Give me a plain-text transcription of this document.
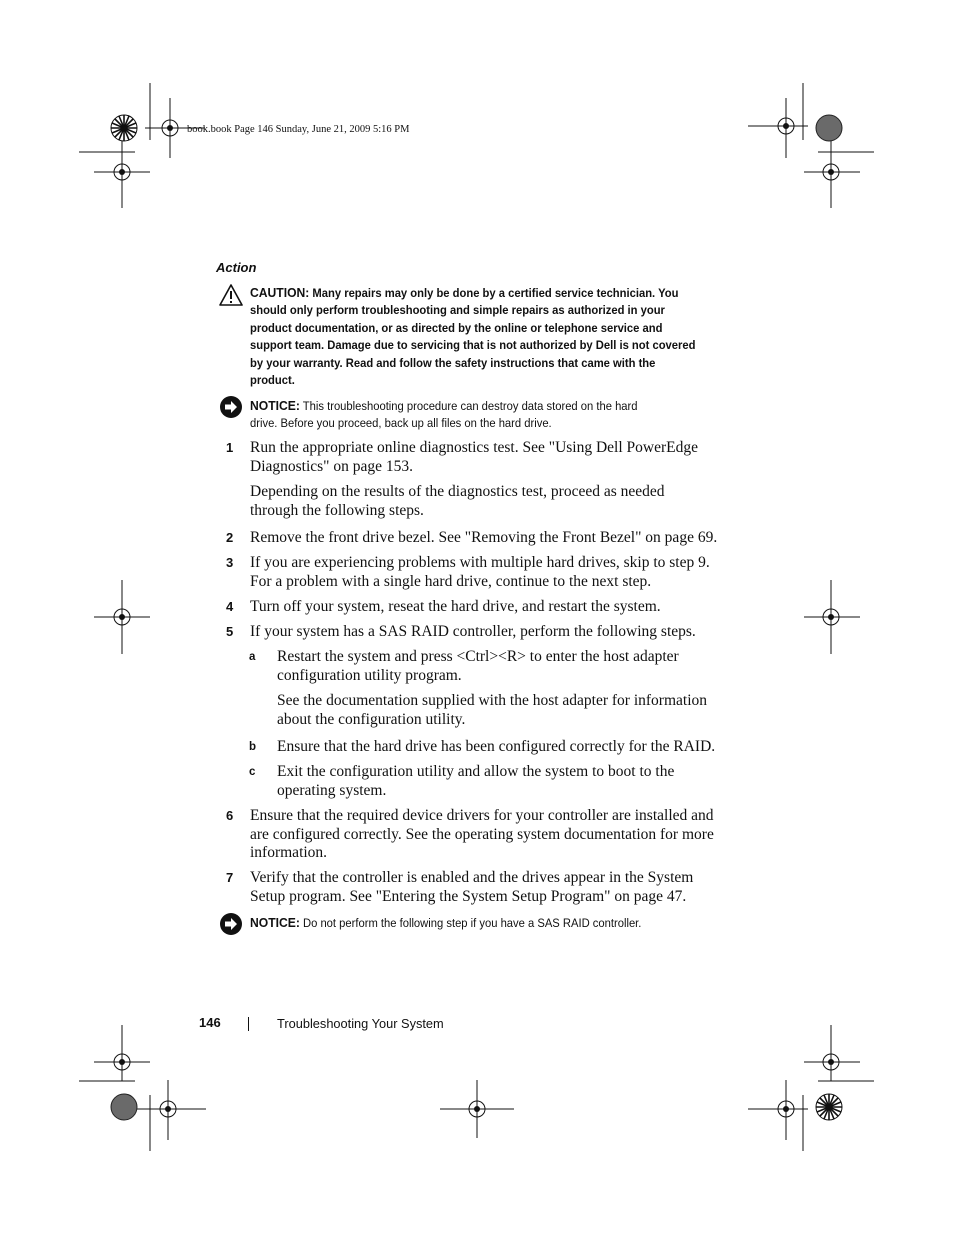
book.book Page 146 Sunday, June 21, 2009 5:16 PM
Action
CAUTION: Many repairs may only be done by a certified service technician. You
should only perform troubleshooting and simple repairs as authorized in your
product documentation, or as directed by the online or telephone service and
support team. Damage due to servicing that is not authorized by Dell is not covered
by your warranty. Read and follow the safety instructions that came with the
product.
NOTICE: This troubleshooting procedure can destroy data stored on the hard
drive. Before you proceed, back up all files on the hard drive.
1 Run the appropriate online diagnostics test. See "Using Dell PowerEdge
Diagnostics" on page 153.
Depending on the results of the diagnostics test, proceed as needed
through the following steps.
2 Remove the front drive bezel. See "Removing the Front Bezel" on page 69.
3 If you are experiencing problems with multiple hard drives, skip to step 9.
For a problem with a single hard drive, continue to the next step.
4 Turn off your system, reseat the hard drive, and restart the system.
5 If your system has a SAS RAID controller, perform the following steps.
a Restart the system and press <Ctrl><R> to enter the host adapter
configuration utility program.
See the documentation supplied with the host adapter for information
about the configuration utility.
b Ensure that the hard drive has been configured correctly for the RAID.
c Exit the configuration utility and allow the system to boot to the
operating system.
6 Ensure that the required device drivers for your controller are installed and
are configured correctly. See the operating system documentation for more
information.
7 Verify that the controller is enabled and the drives appear in the System
Setup program. See "Entering the System Setup Program" on page 47.
NOTICE: Do not perform the following step if you have a SAS RAID controller.
146	Troubleshooting Your System
